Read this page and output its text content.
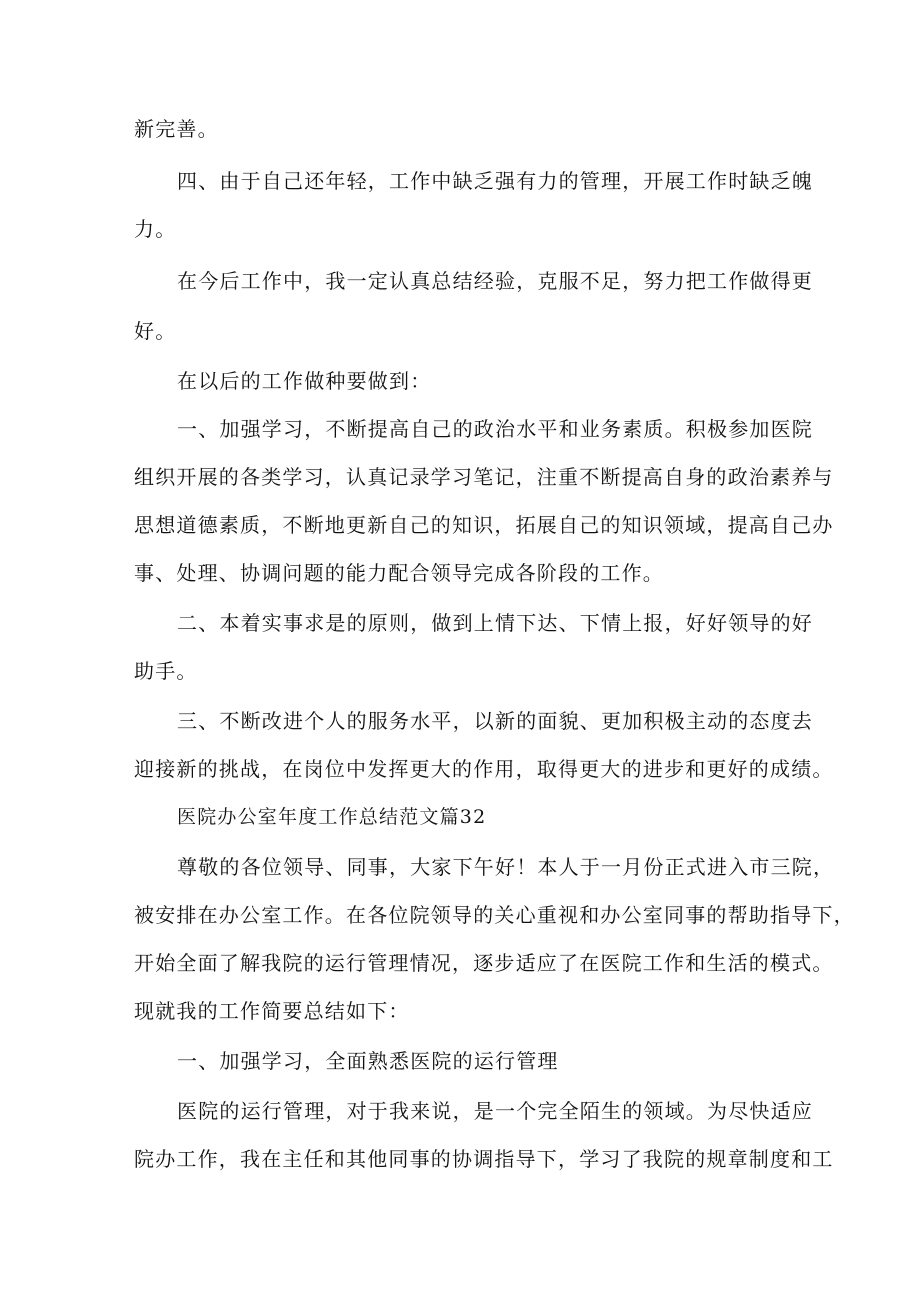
新完善。
四、由于自己还年轻，工作中缺乏强有力的管理，开展工作时缺乏魄
力。
在今后工作中，我一定认真总结经验，克服不足，努力把工作做得更
好。
在以后的工作做种要做到：
一、加强学习，不断提高自己的政治水平和业务素质。积极参加医院
组织开展的各类学习，认真记录学习笔记，注重不断提高自身的政治素养与
思想道德素质，不断地更新自己的知识，拓展自己的知识领域，提高自己办
事、处理、协调问题的能力配合领导完成各阶段的工作。
二、本着实事求是的原则，做到上情下达、下情上报，好好领导的好
助手。
三、不断改进个人的服务水平，以新的面貌、更加积极主动的态度去
迎接新的挑战，在岗位中发挥更大的作用，取得更大的进步和更好的成绩。
医院办公室年度工作总结范文篇32
尊敬的各位领导、同事，大家下午好！本人于一月份正式进入市三院，
被安排在办公室工作。在各位院领导的关心重视和办公室同事的帮助指导下，
开始全面了解我院的运行管理情况，逐步适应了在医院工作和生活的模式。
现就我的工作简要总结如下：
一、加强学习，全面熟悉医院的运行管理
医院的运行管理，对于我来说，是一个完全陌生的领域。为尽快适应
院办工作，我在主任和其他同事的协调指导下，学习了我院的规章制度和工
